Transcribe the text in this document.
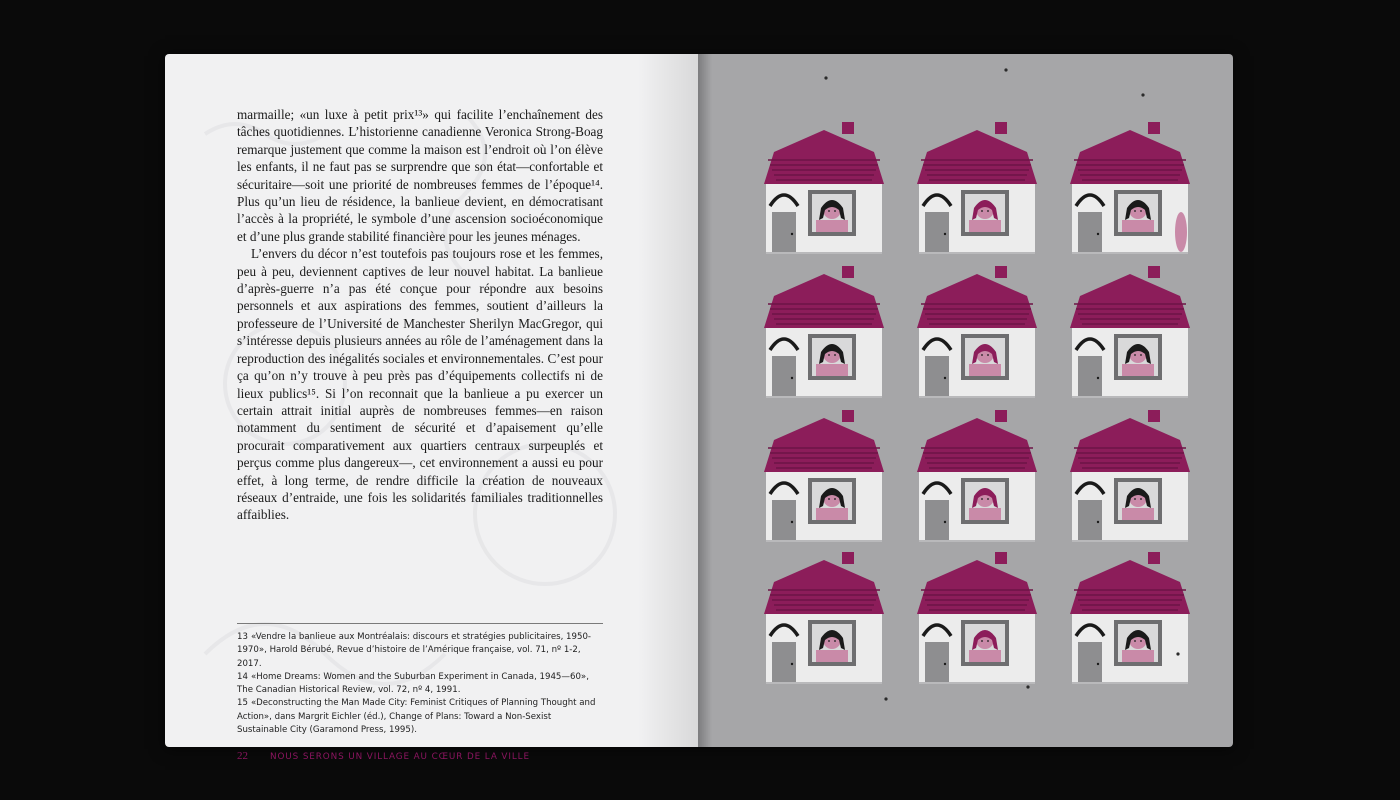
marmaille; «un luxe à petit prix¹³» qui facilite l’enchaînement des tâches quotidiennes. L’historienne canadienne Veronica Strong-Boag remarque justement que comme la maison est l’endroit où l’on élève les enfants, il ne faut pas se surprendre que son état—confortable et sécuritaire—soit une priorité de nombreuses femmes de l’époque¹⁴. Plus qu’un lieu de résidence, la banlieue devient, en démocratisant l’accès à la propriété, le symbole d’une ascension socioéconomique et d’une plus grande stabilité financière pour les jeunes ménages.

L’envers du décor n’est toutefois pas toujours rose et les femmes, peu à peu, deviennent captives de leur nouvel habitat. La banlieue d’après-guerre n’a pas été conçue pour répondre aux besoins personnels et aux aspirations des femmes, soutient d’ailleurs la professeure de l’Université de Manchester Sherilyn MacGregor, qui s’intéresse depuis plusieurs années au rôle de l’aménagement dans la reproduction des inégalités sociales et environnementales. C’est pour ça qu’on n’y trouve à peu près pas d’équipements collectifs ni de lieux publics¹⁵. Si l’on reconnait que la banlieue a pu exercer un certain attrait initial auprès de nombreuses femmes—en raison notamment du sentiment de sécurité et d’apaisement qu’elle procurait comparativement aux quartiers centraux surpeuplés et perçus comme plus dangereux—, cet environnement a aussi eu pour effet, à long terme, de rendre difficile la création de nouveaux réseaux d’entraide, une fois les solidarités familiales traditionnelles affaiblies.

13 «Vendre la banlieue aux Montréalais: discours et stratégies publicitaires, 1950-1970», Harold Bérubé, Revue d’histoire de l’Amérique française, vol. 71, nº 1-2, 2017.

14 «Home Dreams: Women and the Suburban Experiment in Canada, 1945—60», The Canadian Historical Review, vol. 72, nº 4, 1991.

15 «Deconstructing the Man Made City: Feminist Critiques of Planning Thought and Action», dans Margrit Eichler (éd.), Change of Plans: Toward a Non-Sexist Sustainable City (Garamond Press, 1995).

22	NOUS SERONS UN VILLAGE AU CŒUR DE LA VILLE
